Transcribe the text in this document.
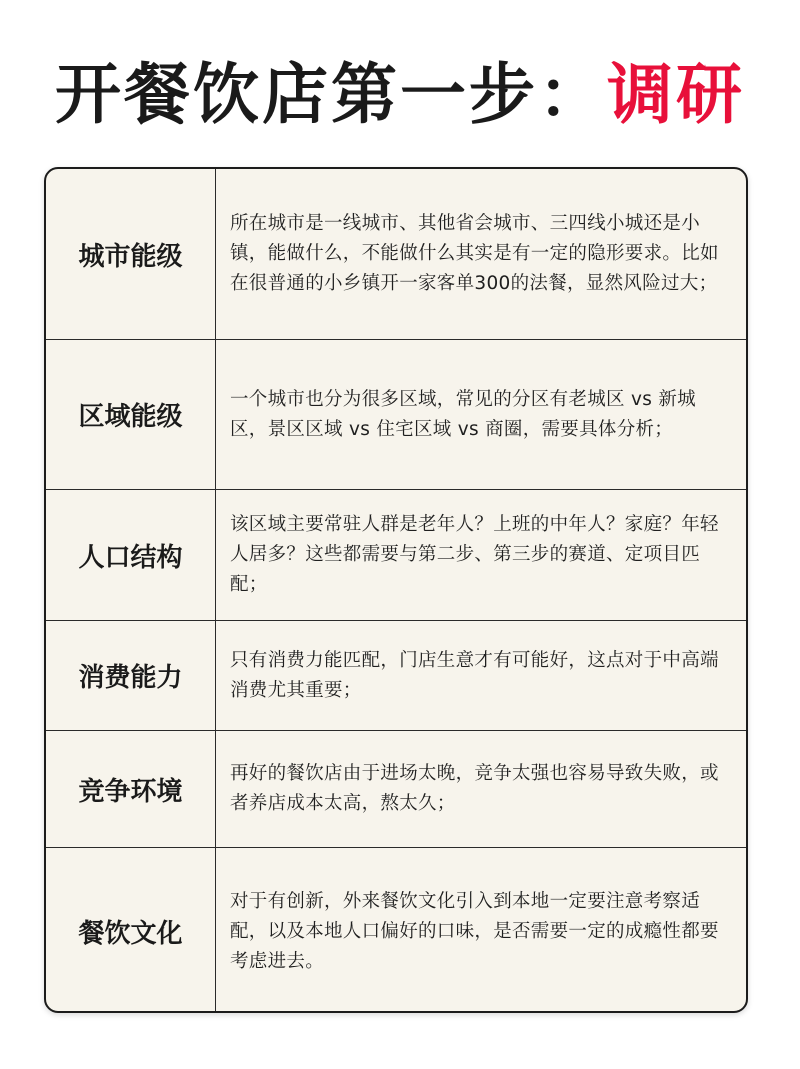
开餐饮店第一步： 调研
城市能级
所在城市是一线城市、其他省会城市、三四线小城还是小镇，能做什么，不能做什么其实是有一定的隐形要求。比如在很普通的小乡镇开一家客单300的法餐，显然风险过大；
区域能级
一个城市也分为很多区域，常见的分区有老城区 vs 新城区，景区区域 vs 住宅区域 vs 商圈，需要具体分析；
人口结构
该区域主要常驻人群是老年人？上班的中年人？家庭？年轻人居多？这些都需要与第二步、第三步的赛道、定项目匹配；
消费能力
只有消费力能匹配，门店生意才有可能好，这点对于中高端消费尤其重要；
竞争环境
再好的餐饮店由于进场太晚，竞争太强也容易导致失败，或者养店成本太高，熬太久；
餐饮文化
对于有创新，外来餐饮文化引入到本地一定要注意考察适配，以及本地人口偏好的口味，是否需要一定的成瘾性都要考虑进去。
